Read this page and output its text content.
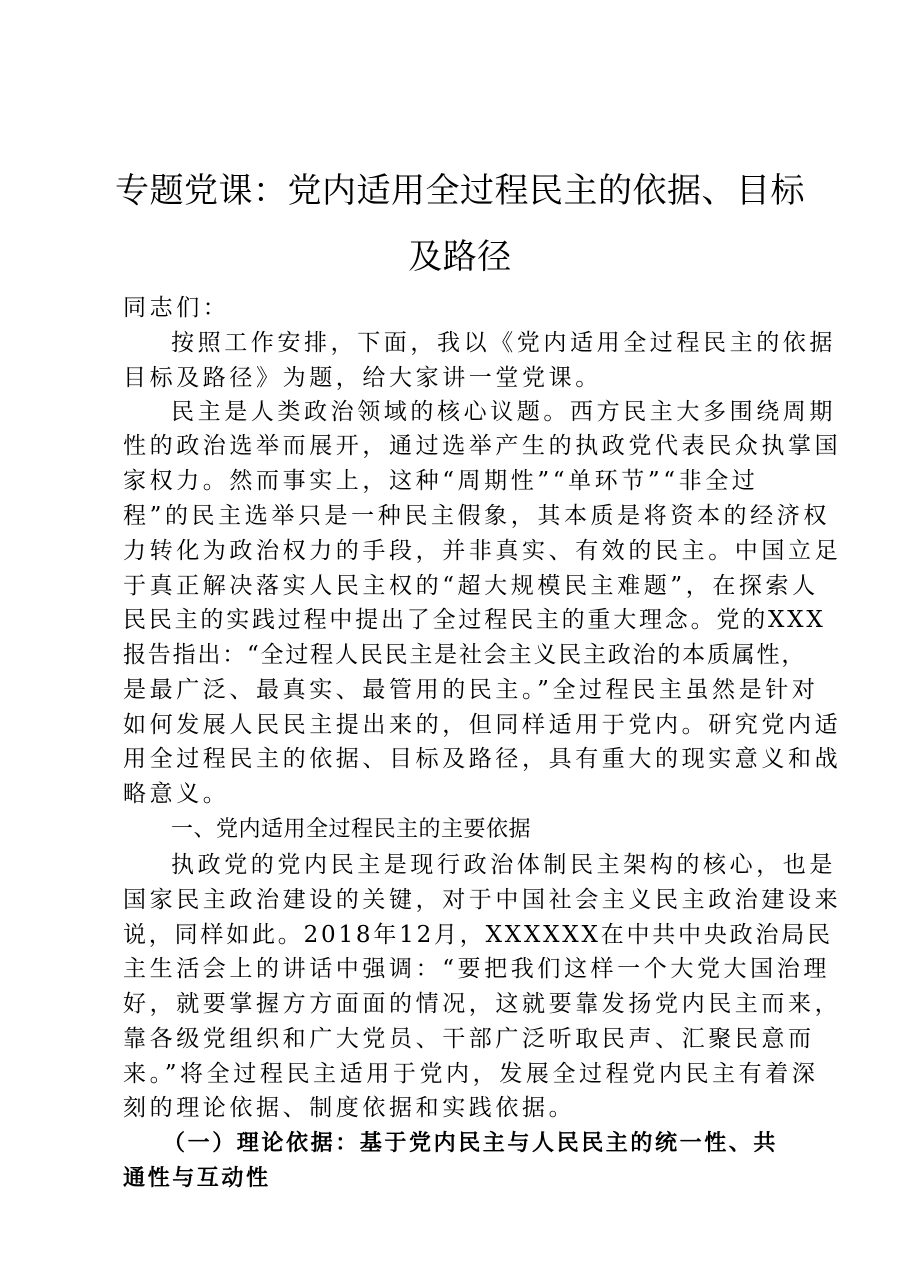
专题党课：党内适用全过程民主的依据、目标
及路径

同志们：

按照工作安排，下面，我以《党内适用全过程民主的依据

目标及路径》为题，给大家讲一堂党课。

民主是人类政治领域的核心议题。西方民主大多围绕周期

性的政治选举而展开，通过选举产生的执政党代表民众执掌国

家权力。然而事实上，这种“周期性”“单环节”“非全过

程”的民主选举只是一种民主假象，其本质是将资本的经济权

力转化为政治权力的手段，并非真实、有效的民主。中国立足

于真正解决落实人民主权的“超大规模民主难题”，在探索人

民民主的实践过程中提出了全过程民主的重大理念。党的XXX

报告指出：“全过程人民民主是社会主义民主政治的本质属性，

是最广泛、最真实、最管用的民主。”全过程民主虽然是针对

如何发展人民民主提出来的，但同样适用于党内。研究党内适

用全过程民主的依据、目标及路径，具有重大的现实意义和战

略意义。

一、党内适用全过程民主的主要依据

执政党的党内民主是现行政治体制民主架构的核心，也是

国家民主政治建设的关键，对于中国社会主义民主政治建设来

说，同样如此。2018年12月，XXXXXX在中共中央政治局民

主生活会上的讲话中强调：“要把我们这样一个大党大国治理

好，就要掌握方方面面的情况，这就要靠发扬党内民主而来，

靠各级党组织和广大党员、干部广泛听取民声、汇聚民意而

来。”将全过程民主适用于党内，发展全过程党内民主有着深

刻的理论依据、制度依据和实践依据。

（一）理论依据：基于党内民主与人民民主的统一性、共

通性与互动性
